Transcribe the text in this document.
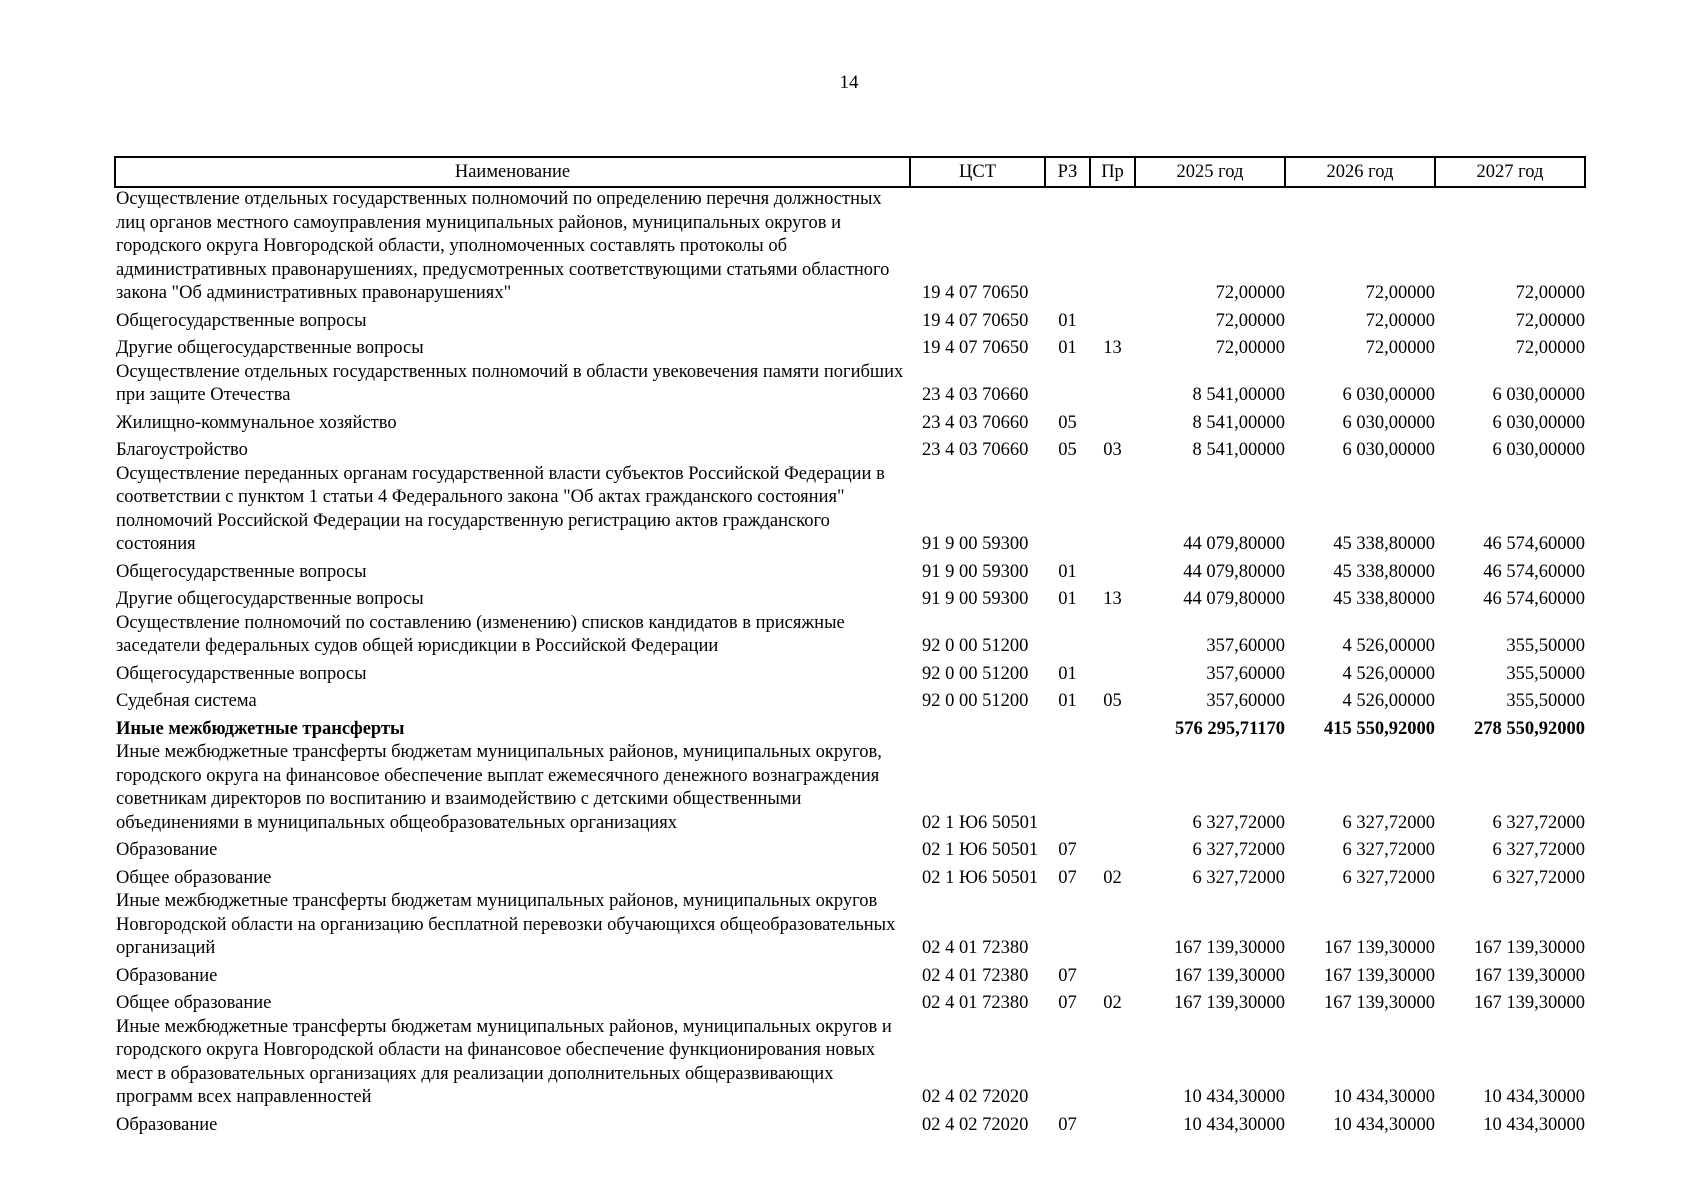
14
Наименование	ЦСТ	РЗ	Пр	2025 год	2026 год	2027 год
Осуществление отдельных государственных полномочий по определению перечня должностных лиц органов местного самоуправления муниципальных районов, муниципальных округов и городского округа Новгородской области, уполномоченных составлять протоколы об административных правонарушениях, предусмотренных соответствующими статьями областного закона "Об административных правонарушениях"	19 4 07 70650			72,00000	72,00000	72,00000
Общегосударственные вопросы	19 4 07 70650	01		72,00000	72,00000	72,00000
Другие общегосударственные вопросы	19 4 07 70650	01	13	72,00000	72,00000	72,00000
Осуществление отдельных государственных полномочий в области увековечения памяти погибших при защите Отечества	23 4 03 70660			8 541,00000	6 030,00000	6 030,00000
Жилищно-коммунальное хозяйство	23 4 03 70660	05		8 541,00000	6 030,00000	6 030,00000
Благоустройство	23 4 03 70660	05	03	8 541,00000	6 030,00000	6 030,00000
Осуществление переданных органам государственной власти субъектов Российской Федерации в соответствии с пунктом 1 статьи 4 Федерального закона "Об актах гражданского состояния" полномочий Российской Федерации на государственную регистрацию актов гражданского состояния	91 9 00 59300			44 079,80000	45 338,80000	46 574,60000
Общегосударственные вопросы	91 9 00 59300	01		44 079,80000	45 338,80000	46 574,60000
Другие общегосударственные вопросы	91 9 00 59300	01	13	44 079,80000	45 338,80000	46 574,60000
Осуществление полномочий по составлению (изменению) списков кандидатов в присяжные заседатели федеральных судов общей юрисдикции в Российской Федерации	92 0 00 51200			357,60000	4 526,00000	355,50000
Общегосударственные вопросы	92 0 00 51200	01		357,60000	4 526,00000	355,50000
Судебная система	92 0 00 51200	01	05	357,60000	4 526,00000	355,50000
Иные межбюджетные трансферты				576 295,71170	415 550,92000	278 550,92000
Иные межбюджетные трансферты бюджетам муниципальных районов, муниципальных округов, городского округа на финансовое обеспечение выплат ежемесячного денежного вознаграждения советникам директоров по воспитанию и взаимодействию с детскими общественными объединениями в муниципальных общеобразовательных организациях	02 1 Ю6 50501			6 327,72000	6 327,72000	6 327,72000
Образование	02 1 Ю6 50501	07		6 327,72000	6 327,72000	6 327,72000
Общее образование	02 1 Ю6 50501	07	02	6 327,72000	6 327,72000	6 327,72000
Иные межбюджетные трансферты бюджетам муниципальных районов, муниципальных округов Новгородской области на организацию бесплатной перевозки обучающихся общеобразовательных организаций	02 4 01 72380			167 139,30000	167 139,30000	167 139,30000
Образование	02 4 01 72380	07		167 139,30000	167 139,30000	167 139,30000
Общее образование	02 4 01 72380	07	02	167 139,30000	167 139,30000	167 139,30000
Иные межбюджетные трансферты бюджетам муниципальных районов, муниципальных округов и городского округа Новгородской области на финансовое обеспечение функционирования новых мест в образовательных организациях для реализации дополнительных общеразвивающих программ всех направленностей	02 4 02 72020			10 434,30000	10 434,30000	10 434,30000
Образование	02 4 02 72020	07		10 434,30000	10 434,30000	10 434,30000
